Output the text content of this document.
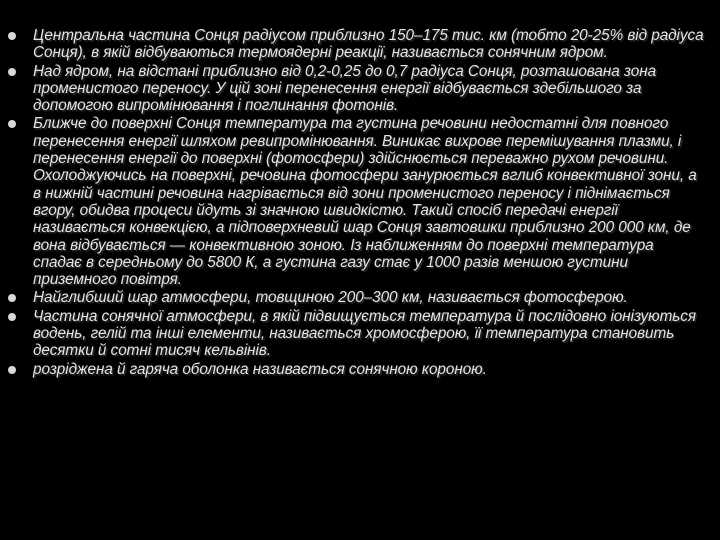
Центральна частина Сонця радіусом приблизно 150–175 тис. км (тобто 20-25% від радіуса Сонця), в якій відбуваються термоядерні реакції, називається сонячним ядром.
Над ядром, на відстані приблизно від 0,2-0,25 до 0,7 радіуса Сонця, розташована зона променистого переносу. У цій зоні перенесення енергії відбувається здебільшого за допомогою випромінювання і поглинання фотонів.
Ближче до поверхні Сонця температура та густина речовини недостатні для повного перенесення енергії шляхом ревипромінювання. Виникає вихрове перемішування плазми, і перенесення енергії до поверхні (фотосфери) здійснюється переважно рухом речовини. Охолоджуючись на поверхні, речовина фотосфери занурюється вглиб конвективної зони, а в нижній частині речовина нагрівається від зони променистого переносу і піднімається вгору, обидва процеси йдуть зі значною швидкістю. Такий спосіб передачі енергії називається конвекцією, а підповерхневий шар Сонця завтовшки приблизно 200 000 км, де вона відбувається — конвективною зоною. Із наближенням до поверхні температура спадає в середньому до 5800 К, а густина газу стає у 1000 разів меншою густини приземного повітря.
Найглибший шар атмосфери, товщиною 200–300 км, називається фотосферою.
Частина сонячної атмосфери, в якій підвищується температура й послідовно іонізуються водень, гелій та інші елементи, називається хромосферою, її температура становить десятки й сотні тисяч кельвінів.
розріджена й гаряча оболонка називається сонячною короною.
